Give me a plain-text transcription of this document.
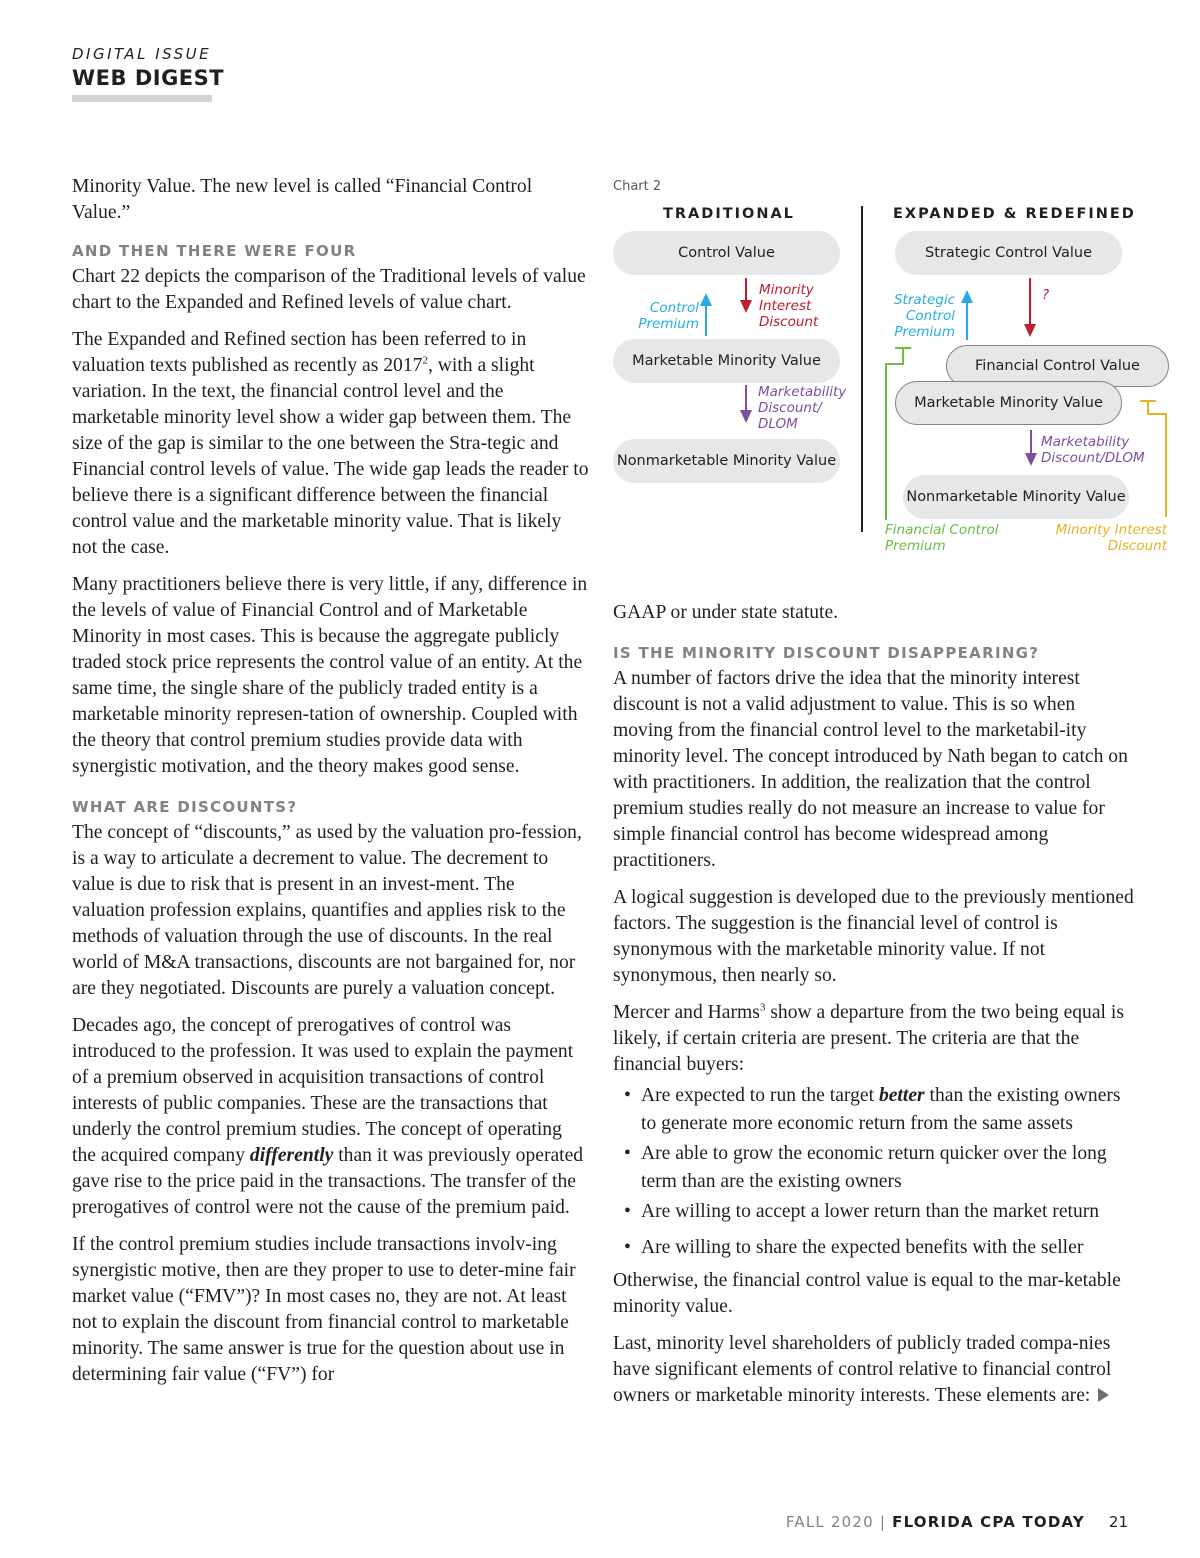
DIGITAL ISSUE
WEB DIGEST

Minority Value. The new level is called “Financial Control Value.”

AND THEN THERE WERE FOUR

Chart 22 depicts the comparison of the Traditional levels of value chart to the Expanded and Refined levels of value chart.

The Expanded and Refined section has been referred to in valuation texts published as recently as 2017$^2$, with a slight variation. In the text, the financial control level and the marketable minority level show a wider gap between them. The size of the gap is similar to the one between the Stra-tegic and Financial control levels of value. The wide gap leads the reader to believe there is a significant difference between the financial control value and the marketable minority value. That is likely not the case.

Many practitioners believe there is very little, if any, difference in the levels of value of Financial Control and of Marketable Minority in most cases. This is because the aggregate publicly traded stock price represents the control value of an entity. At the same time, the single share of the publicly traded entity is a marketable minority represen-tation of ownership. Coupled with the theory that control premium studies provide data with synergistic motivation, and the theory makes good sense.

WHAT ARE DISCOUNTS?

The concept of “discounts,” as used by the valuation pro-fession, is a way to articulate a decrement to value. The decrement to value is due to risk that is present in an invest-ment. The valuation profession explains, quantifies and applies risk to the methods of valuation through the use of discounts. In the real world of M&A transactions, discounts are not bargained for, nor are they negotiated. Discounts are purely a valuation concept.

Decades ago, the concept of prerogatives of control was introduced to the profession. It was used to explain the payment of a premium observed in acquisition transactions of control interests of public companies. These are the transactions that underly the control premium studies. The concept of operating the acquired company differently than it was previously operated gave rise to the price paid in the transactions. The transfer of the prerogatives of control were not the cause of the premium paid.

If the control premium studies include transactions involv-ing synergistic motive, then are they proper to use to deter-mine fair market value (“FMV”)? In most cases no, they are not. At least not to explain the discount from financial control to marketable minority. The same answer is true for the question about use in determining fair value (“FV”) for

Chart 2
TRADITIONAL	EXPANDED & REDEFINED
Control Value
Marketable Minority Value
Nonmarketable Minority Value
Control Premium
Minority Interest Discount
Marketability Discount/ DLOM
Strategic Control Value
Financial Control Value
Marketable Minority Value
Nonmarketable Minority Value
Strategic Control Premium
?
Marketability Discount/DLOM
Financial Control Premium
Minority Interest Discount

GAAP or under state statute.

IS THE MINORITY DISCOUNT DISAPPEARING?

A number of factors drive the idea that the minority interest discount is not a valid adjustment to value. This is so when moving from the financial control level to the marketabil-ity minority level. The concept introduced by Nath began to catch on with practitioners. In addition, the realization that the control premium studies really do not measure an increase to value for simple financial control has become widespread among practitioners.

A logical suggestion is developed due to the previously mentioned factors. The suggestion is the financial level of control is synonymous with the marketable minority value. If not synonymous, then nearly so.

Mercer and Harms$^3$ show a departure from the two being equal is likely, if certain criteria are present. The criteria are that the financial buyers:

• Are expected to run the target better than the existing owners to generate more economic return from the same assets
• Are able to grow the economic return quicker over the long term than are the existing owners
• Are willing to accept a lower return than the market return
• Are willing to share the expected benefits with the seller

Otherwise, the financial control value is equal to the mar-ketable minority value.

Last, minority level shareholders of publicly traded compa-nies have significant elements of control relative to financial control owners or marketable minority interests. These elements are:

FALL 2020 | FLORIDA CPA TODAY 21
